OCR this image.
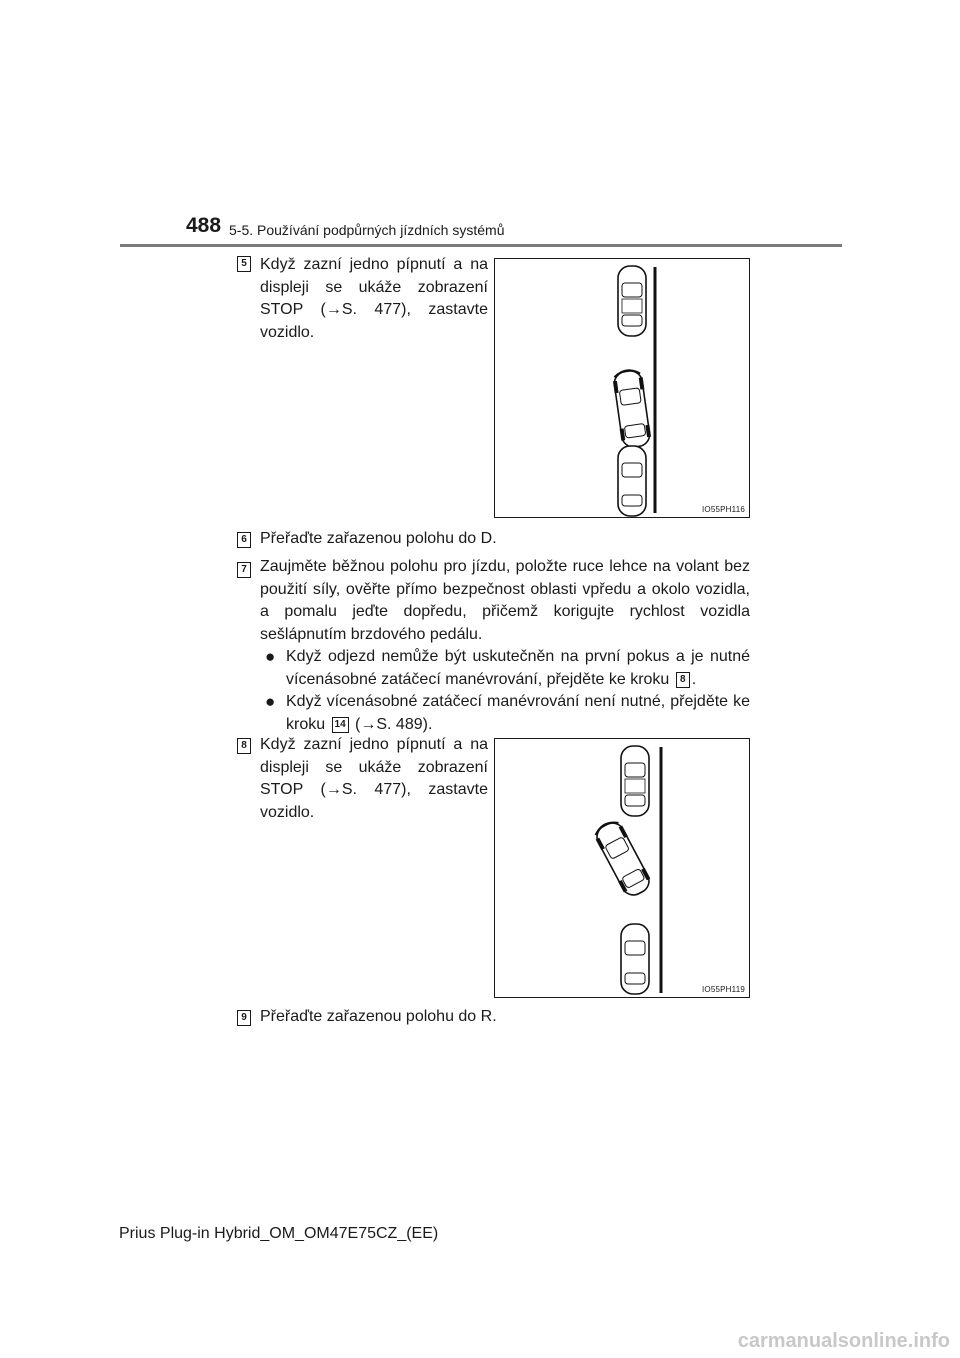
488 5-5. Používání podpůrných jízdních systémů
5 Když zazní jedno pípnutí a na displeji se ukáže zobrazení STOP (→S. 477), zastavte vozidlo.
IO55PH116
6 Přeřaďte zařazenou polohu do D.
7 Zaujměte běžnou polohu pro jízdu, položte ruce lehce na volant bez použití síly, ověřte přímo bezpečnost oblasti vpředu a okolo vozidla, a pomalu jeďte dopředu, přičemž korigujte rychlost vozidla sešlápnutím brzdového pedálu.
● Když odjezd nemůže být uskutečněn na první pokus a je nutné vícenásobné zatáčecí manévrování, přejděte ke kroku 8 .
● Když vícenásobné zatáčecí manévrování není nutné, přejděte ke kroku 14 (→S. 489).
8 Když zazní jedno pípnutí a na displeji se ukáže zobrazení STOP (→S. 477), zastavte vozidlo.
IO55PH119
9 Přeřaďte zařazenou polohu do R.
Prius Plug-in Hybrid_OM_OM47E75CZ_(EE)
carmanualsonline.info
